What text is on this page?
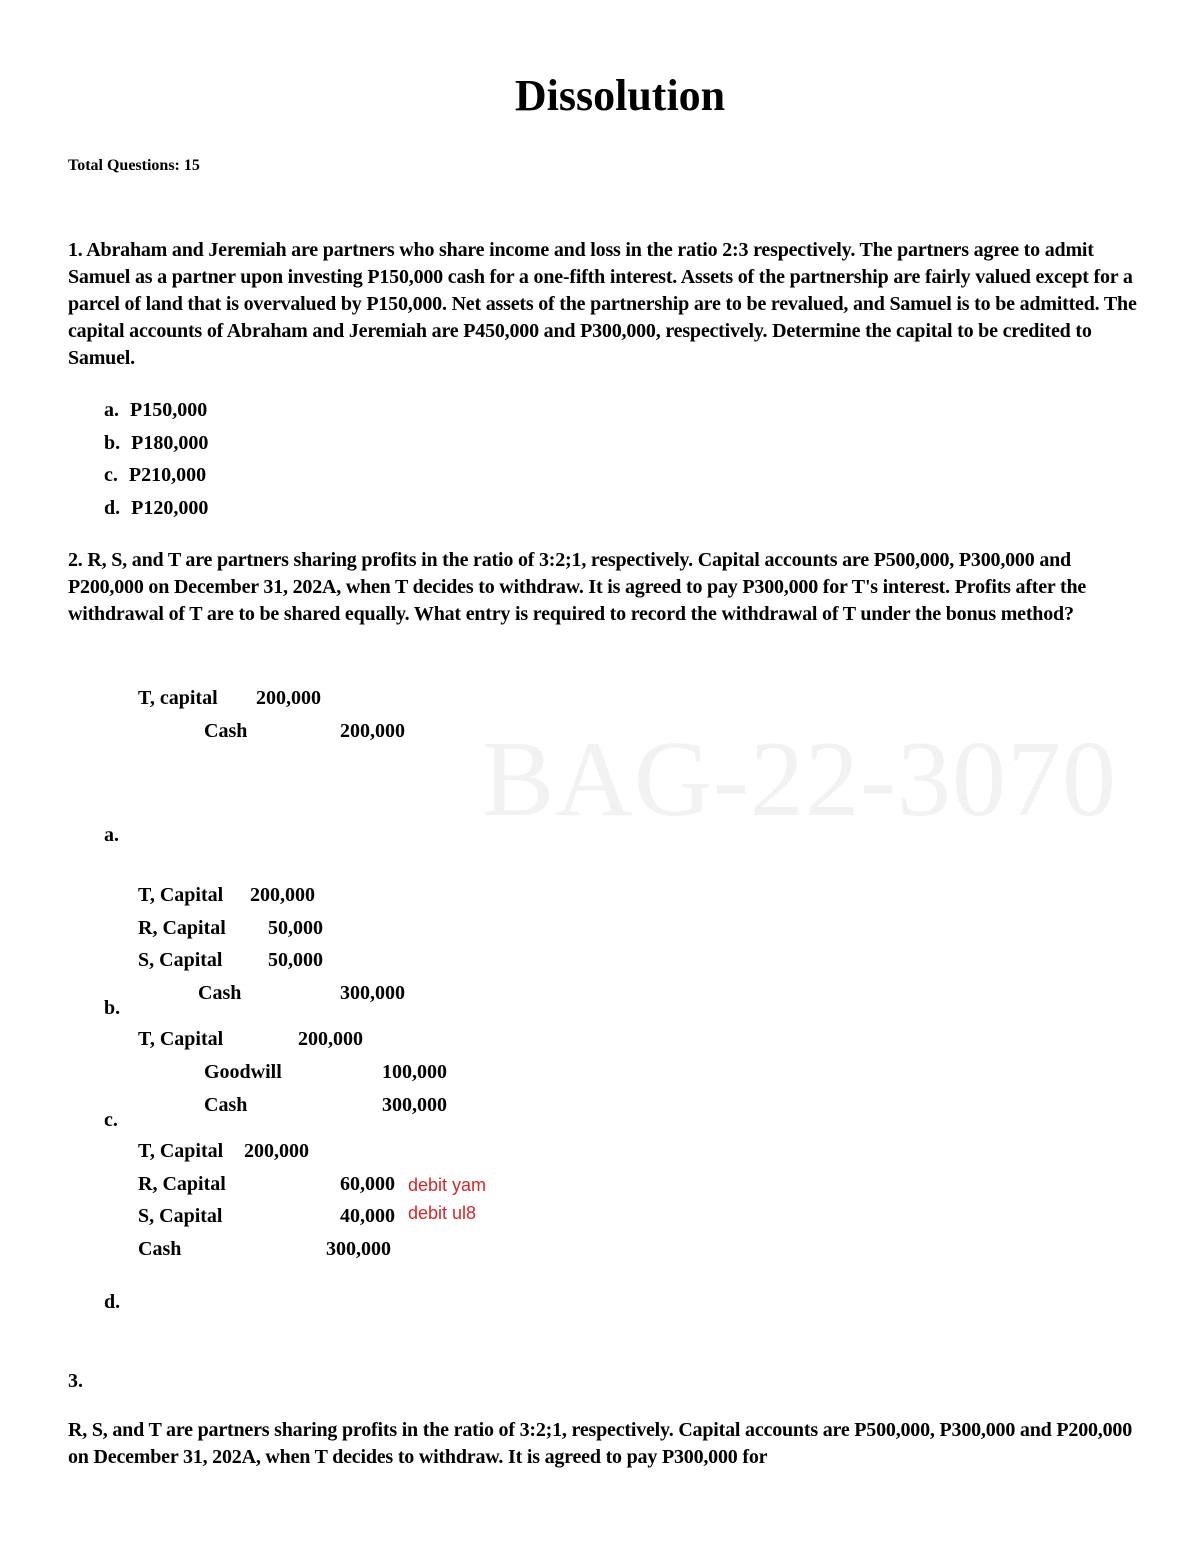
BAG-22-3070
Dissolution
Total Questions: 15
1. Abraham and Jeremiah are partners who share income and loss in the ratio 2:3 respectively. The partners agree to admit Samuel as a partner upon investing P150,000 cash for a one-fifth interest. Assets of the partnership are fairly valued except for a parcel of land that is overvalued by P150,000. Net assets of the partnership are to be revalued, and Samuel is to be admitted. The capital accounts of Abraham and Jeremiah are P450,000 and P300,000, respectively. Determine the capital to be credited to Samuel.
a. P150,000
b. P180,000
c. P210,000
d. P120,000
2. R, S, and T are partners sharing profits in the ratio of 3:2;1, respectively. Capital accounts are P500,000, P300,000 and P200,000 on December 31, 202A, when T decides to withdraw. It is agreed to pay P300,000 for T's interest. Profits after the withdrawal of T are to be shared equally. What entry is required to record the withdrawal of T under the bonus method?
T, capital 200,000
Cash	200,000
a.
T, Capital 200,000
R, Capital 50,000
S, Capital 50,000
Cash	300,000
b.
T, Capital	200,000
Goodwill	100,000
Cash	300,000
c.
T, Capital 200,000
R, Capital	60,000 debit yam
S, Capital	40,000 debit ul8
Cash	300,000
d.
3.
R, S, and T are partners sharing profits in the ratio of 3:2;1, respectively. Capital accounts are P500,000, P300,000 and P200,000 on December 31, 202A, when T decides to withdraw. It is agreed to pay P300,000 for
